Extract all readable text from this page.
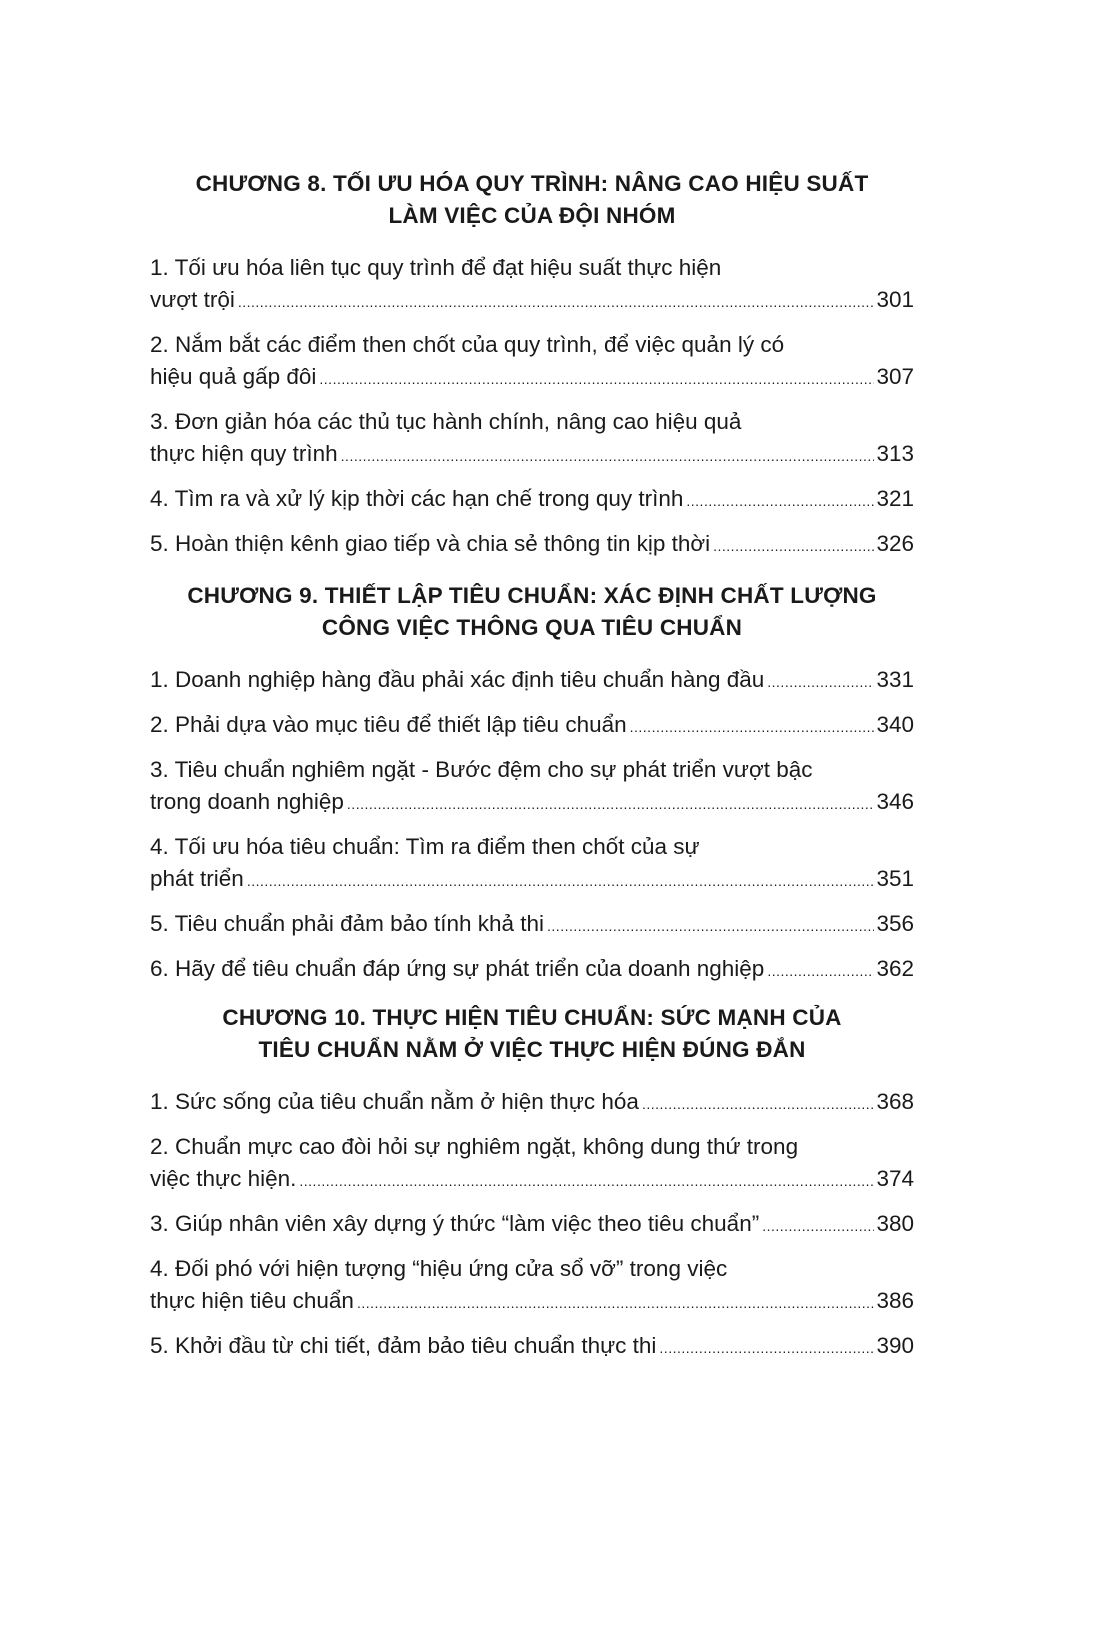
CHƯƠNG 8. TỐI ƯU HÓA QUY TRÌNH: NÂNG CAO HIỆU SUẤT
LÀM VIỆC CỦA ĐỘI NHÓM
1. Tối ưu hóa liên tục quy trình để đạt hiệu suất thực hiện
vượt trội .....	301
2. Nắm bắt các điểm then chốt của quy trình, để việc quản lý có
hiệu quả gấp đôi .....	307
3. Đơn giản hóa các thủ tục hành chính, nâng cao hiệu quả
thực hiện quy trình .....	313
4. Tìm ra và xử lý kịp thời các hạn chế trong quy trình .....	321
5. Hoàn thiện kênh giao tiếp và chia sẻ thông tin kịp thời .....	326
CHƯƠNG 9. THIẾT LẬP TIÊU CHUẨN: XÁC ĐỊNH CHẤT LƯỢNG
CÔNG VIỆC THÔNG QUA TIÊU CHUẨN
1. Doanh nghiệp hàng đầu phải xác định tiêu chuẩn hàng đầu .....	331
2. Phải dựa vào mục tiêu để thiết lập tiêu chuẩn .....	340
3. Tiêu chuẩn nghiêm ngặt - Bước đệm cho sự phát triển vượt bậc
trong doanh nghiệp .....	346
4. Tối ưu hóa tiêu chuẩn: Tìm ra điểm then chốt của sự
phát triển .....	351
5. Tiêu chuẩn phải đảm bảo tính khả thi .....	356
6. Hãy để tiêu chuẩn đáp ứng sự phát triển của doanh nghiệp .....	362
CHƯƠNG 10. THỰC HIỆN TIÊU CHUẨN: SỨC MẠNH CỦA
TIÊU CHUẨN NẰM Ở VIỆC THỰC HIỆN ĐÚNG ĐẮN
1. Sức sống của tiêu chuẩn nằm ở hiện thực hóa .....	368
2. Chuẩn mực cao đòi hỏi sự nghiêm ngặt, không dung thứ trong
việc thực hiện. .....	374
3. Giúp nhân viên xây dựng ý thức “làm việc theo tiêu chuẩn” .....	380
4. Đối phó với hiện tượng “hiệu ứng cửa sổ vỡ” trong việc
thực hiện tiêu chuẩn .....	386
5. Khởi đầu từ chi tiết, đảm bảo tiêu chuẩn thực thi .....	390
